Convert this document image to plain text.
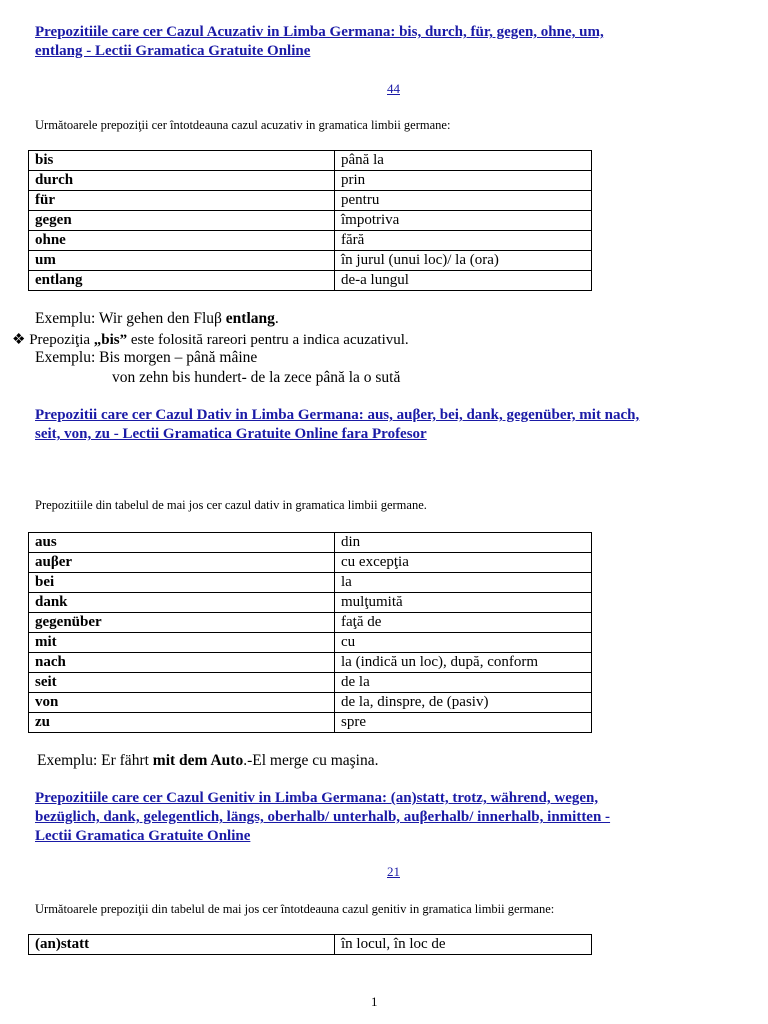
Prepozitiile care cer Cazul Acuzativ in Limba Germana: bis, durch, für, gegen, ohne, um,
entlang - Lectii Gramatica Gratuite Online
44
Următoarele prepoziţii cer întotdeauna cazul acuzativ in gramatica limbii germane:
bis	până la
durch	prin
für	pentru
gegen	împotriva
ohne	fără
um	în jurul (unui loc)/ la (ora)
entlang	de-a lungul
Exemplu: Wir gehen den Fluβ entlang.
❖ Prepoziţia „bis” este folosită rareori pentru a indica acuzativul.
Exemplu: Bis morgen – până mâine
von zehn bis hundert- de la zece până la o sută
Prepozitii care cer Cazul Dativ in Limba Germana: aus, auβer, bei, dank, gegenüber, mit nach,
seit, von, zu - Lectii Gramatica Gratuite Online fara Profesor
Prepozitiile din tabelul de mai jos cer cazul dativ in gramatica limbii germane.
aus	din
auβer	cu excepţia
bei	la
dank	mulţumită
gegenüber	faţă de
mit	cu
nach	la (indică un loc), după, conform
seit	de la
von	de la, dinspre, de (pasiv)
zu	spre
Exemplu: Er fährt mit dem Auto.-El merge cu maşina.
Prepozitiile care cer Cazul Genitiv in Limba Germana: (an)statt, trotz, während, wegen,
bezüglich, dank, gelegentlich, längs, oberhalb/ unterhalb, auβerhalb/ innerhalb, inmitten -
Lectii Gramatica Gratuite Online
21
Următoarele prepoziţii din tabelul de mai jos cer întotdeauna cazul genitiv in gramatica limbii germane:
(an)statt	în locul, în loc de
1
